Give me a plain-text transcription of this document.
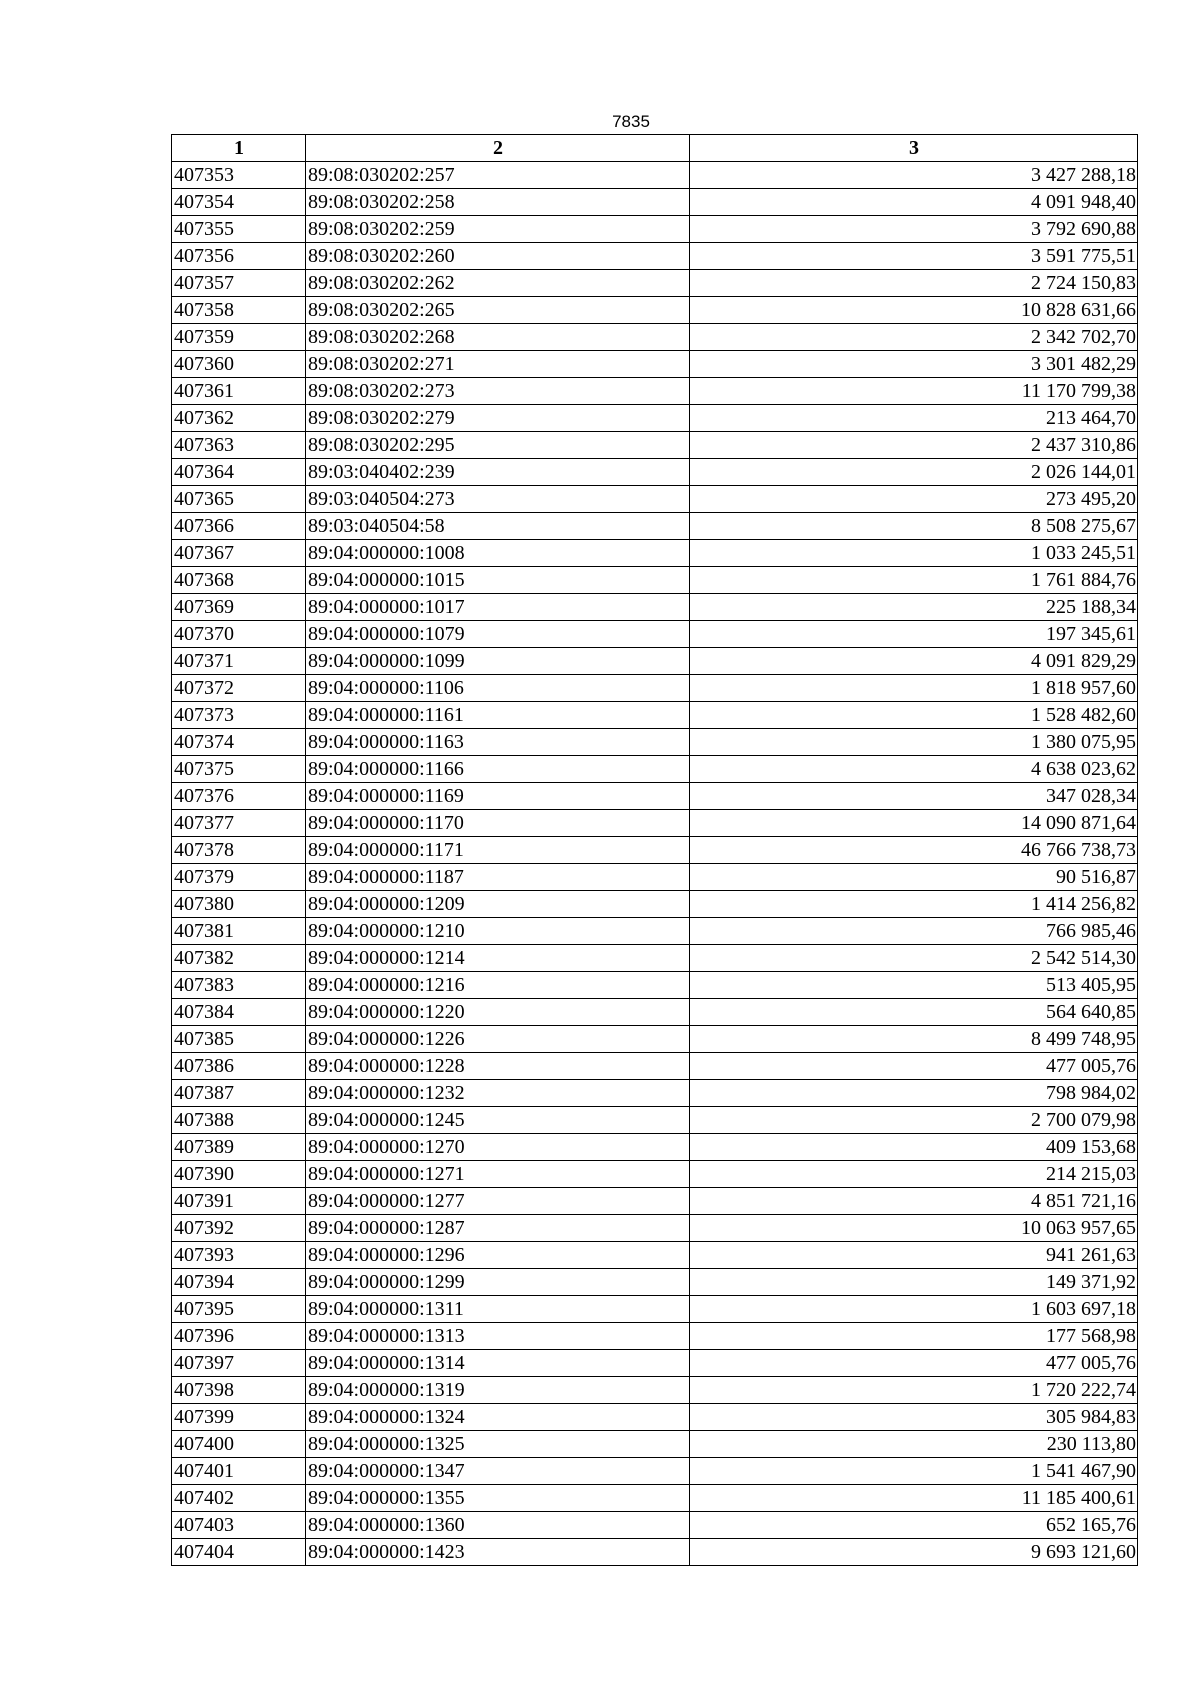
7835
1	2	3
407353	89:08:030202:257	3 427 288,18
407354	89:08:030202:258	4 091 948,40
407355	89:08:030202:259	3 792 690,88
407356	89:08:030202:260	3 591 775,51
407357	89:08:030202:262	2 724 150,83
407358	89:08:030202:265	10 828 631,66
407359	89:08:030202:268	2 342 702,70
407360	89:08:030202:271	3 301 482,29
407361	89:08:030202:273	11 170 799,38
407362	89:08:030202:279	213 464,70
407363	89:08:030202:295	2 437 310,86
407364	89:03:040402:239	2 026 144,01
407365	89:03:040504:273	273 495,20
407366	89:03:040504:58	8 508 275,67
407367	89:04:000000:1008	1 033 245,51
407368	89:04:000000:1015	1 761 884,76
407369	89:04:000000:1017	225 188,34
407370	89:04:000000:1079	197 345,61
407371	89:04:000000:1099	4 091 829,29
407372	89:04:000000:1106	1 818 957,60
407373	89:04:000000:1161	1 528 482,60
407374	89:04:000000:1163	1 380 075,95
407375	89:04:000000:1166	4 638 023,62
407376	89:04:000000:1169	347 028,34
407377	89:04:000000:1170	14 090 871,64
407378	89:04:000000:1171	46 766 738,73
407379	89:04:000000:1187	90 516,87
407380	89:04:000000:1209	1 414 256,82
407381	89:04:000000:1210	766 985,46
407382	89:04:000000:1214	2 542 514,30
407383	89:04:000000:1216	513 405,95
407384	89:04:000000:1220	564 640,85
407385	89:04:000000:1226	8 499 748,95
407386	89:04:000000:1228	477 005,76
407387	89:04:000000:1232	798 984,02
407388	89:04:000000:1245	2 700 079,98
407389	89:04:000000:1270	409 153,68
407390	89:04:000000:1271	214 215,03
407391	89:04:000000:1277	4 851 721,16
407392	89:04:000000:1287	10 063 957,65
407393	89:04:000000:1296	941 261,63
407394	89:04:000000:1299	149 371,92
407395	89:04:000000:1311	1 603 697,18
407396	89:04:000000:1313	177 568,98
407397	89:04:000000:1314	477 005,76
407398	89:04:000000:1319	1 720 222,74
407399	89:04:000000:1324	305 984,83
407400	89:04:000000:1325	230 113,80
407401	89:04:000000:1347	1 541 467,90
407402	89:04:000000:1355	11 185 400,61
407403	89:04:000000:1360	652 165,76
407404	89:04:000000:1423	9 693 121,60
